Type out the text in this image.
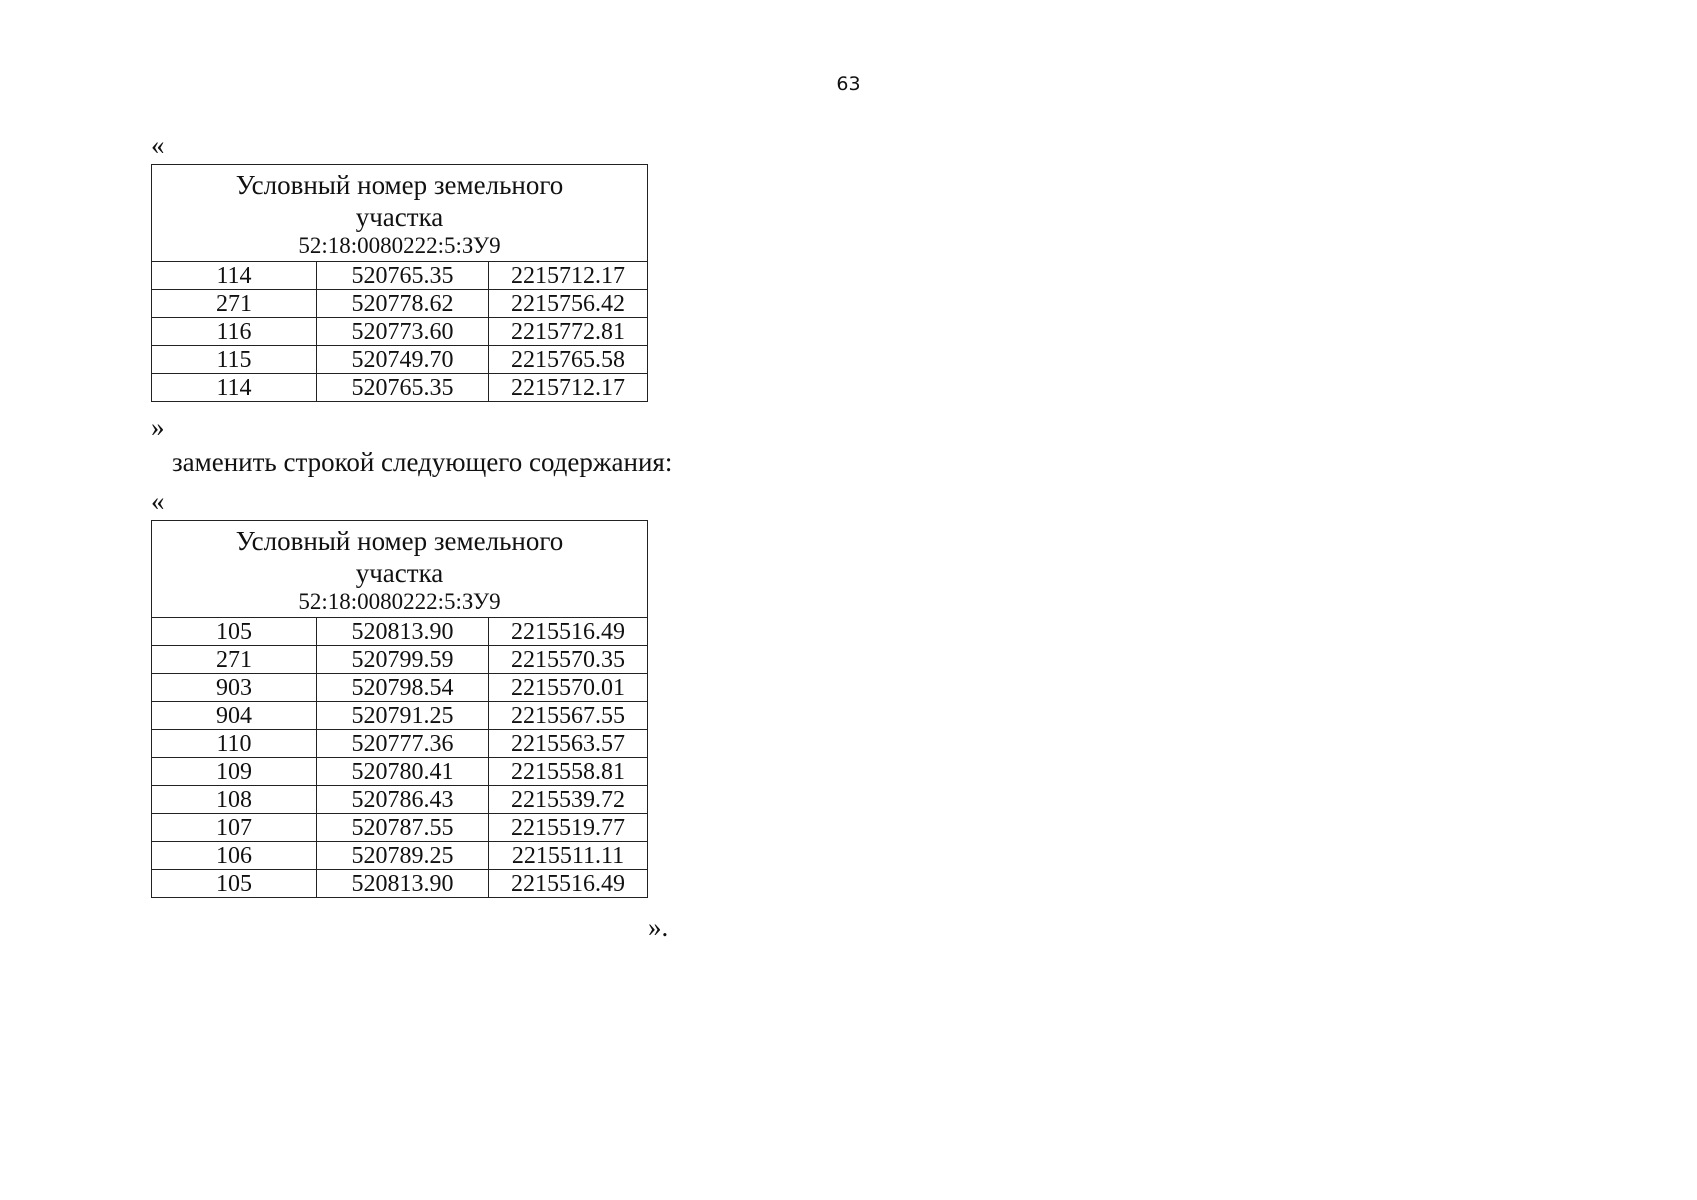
63
«
Условный номер земельного участка
52:18:0080222:5:ЗУ9		

114	520765.35	2215712.17
271	520778.62	2215756.42
116	520773.60	2215772.81
115	520749.70	2215765.58
114	520765.35	2215712.17
»
заменить строкой следующего содержания:
«
Условный номер земельного участка
52:18:0080222:5:ЗУ9		

105	520813.90	2215516.49
271	520799.59	2215570.35
903	520798.54	2215570.01
904	520791.25	2215567.55
110	520777.36	2215563.57
109	520780.41	2215558.81
108	520786.43	2215539.72
107	520787.55	2215519.77
106	520789.25	2215511.11
105	520813.90	2215516.49
».
